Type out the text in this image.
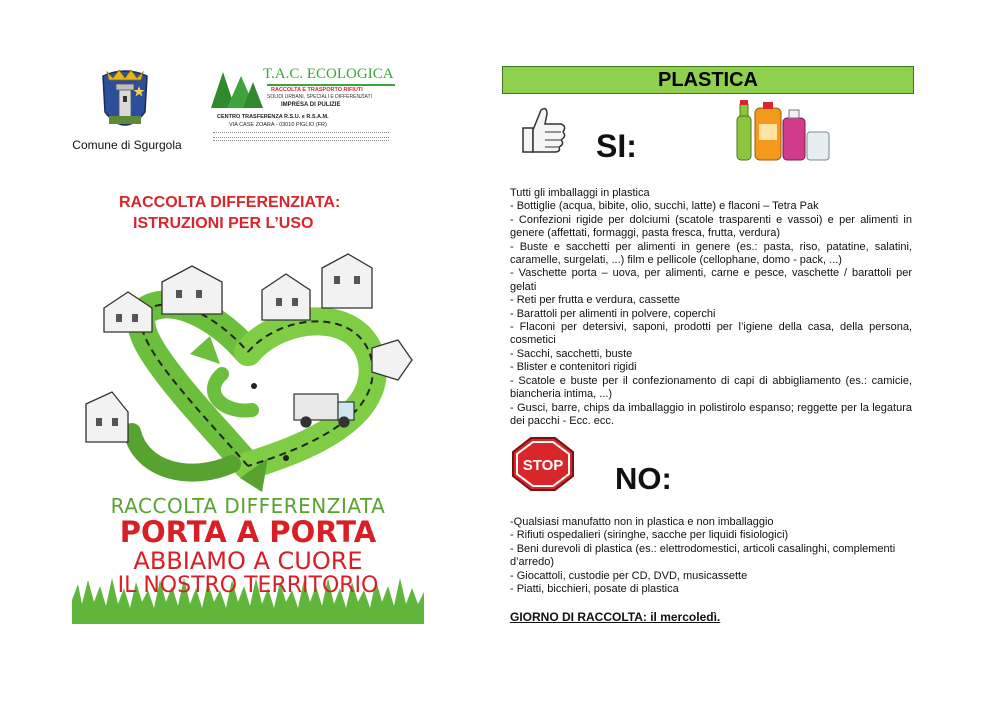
Comune di Sgurgola
T.A.C. ECOLOGICA
RACCOLTA E TRASPORTO RIFIUTI
SOLIDI URBANI, SPECIALI E DIFFERENZIATI
IMPRESA DI PULIZIE
CENTRO TRASFERENZA R.S.U. e R.S.A.M.
VIA CASE ZOARA - 03010 PIGLIO (FR)
RACCOLTA DIFFERENZIATA:
ISTRUZIONI PER L’USO
RACCOLTA DIFFERENZIATA
PORTA A PORTA
ABBIAMO A CUORE
IL NOSTRO TERRITORIO
PLASTICA
SI:
Tutti gli imballaggi in plastica
- Bottiglie (acqua, bibite, olio, succhi, latte) e flaconi – Tetra Pak
- Confezioni rigide per dolciumi (scatole trasparenti e vassoi) e per alimenti in genere (affettati, formaggi, pasta fresca, frutta, verdura)
- Buste e sacchetti per alimenti in genere (es.: pasta, riso, patatine, salatini, caramelle, surgelati, ...) film e pellicole (cellophane, domo - pack, ...)
- Vaschette porta – uova, per alimenti, carne e pesce, vaschette / barattoli per gelati
- Reti per frutta e verdura, cassette
- Barattoli per alimenti in polvere, coperchi
- Flaconi per detersivi, saponi, prodotti per l’igiene della casa, della persona, cosmetici
- Sacchi, sacchetti, buste
- Blister e contenitori rigidi
- Scatole e buste per il confezionamento di capi di abbigliamento (es.: camicie, biancheria intima, ...)
- Gusci, barre, chips da imballaggio in polistirolo espanso; reggette per la legatura dei pacchi - Ecc. ecc.
STOP NO:
-Qualsiasi manufatto non in plastica e non imballaggio
- Rifiuti ospedalieri (siringhe, sacche per liquidi fisiologici)
- Beni durevoli di plastica (es.: elettrodomestici, articoli casalinghi, complementi d’arredo)
- Giocattoli, custodie per CD, DVD, musicassette
- Piatti, bicchieri, posate di plastica
GIORNO DI RACCOLTA: il mercoledì.
